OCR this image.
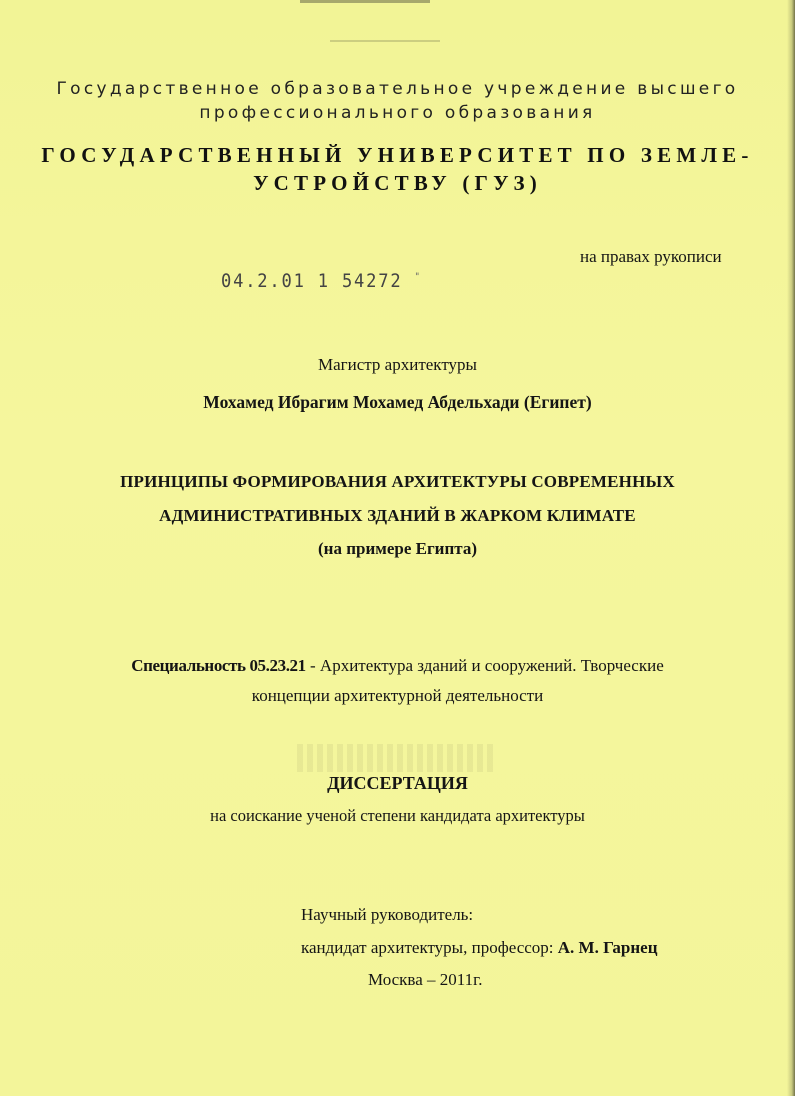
Государственное образовательное учреждение высшего
профессионального образования
ГОСУДАРСТВЕННЫЙ УНИВЕРСИТЕТ ПО ЗЕМЛЕ-
УСТРОЙСТВУ (ГУЗ)
на правах рукописи
04.2.01 1 54272 "
Магистр архитектуры
Мохамед Ибрагим Мохамед Абдельхади (Египет)
ПРИНЦИПЫ ФОРМИРОВАНИЯ АРХИТЕКТУРЫ СОВРЕМЕННЫХ
АДМИНИСТРАТИВНЫХ ЗДАНИЙ В ЖАРКОМ КЛИМАТЕ
(на примере Египта)
Специальность 05.23.21 - Архитектура зданий и сооружений. Творческие
концепции архитектурной деятельности
ДИССЕРТАЦИЯ
на соискание ученой степени кандидата архитектуры
Научный руководитель:
кандидат архитектуры, профессор: А. М. Гарнец
Москва – 2011г.
